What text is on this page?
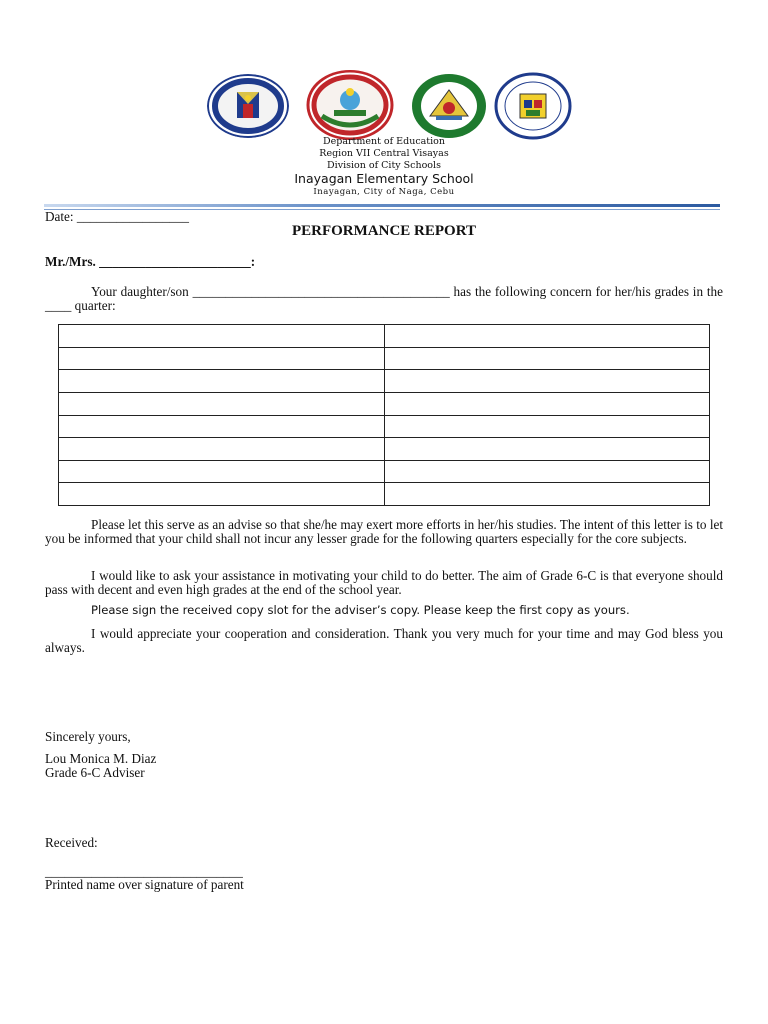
Department of Education
Region VII Central Visayas
Division of City Schools
Inayagan Elementary School
Inayagan, City of Naga, Cebu
Date: _________________
PERFORMANCE REPORT
Mr./Mrs. _______________________:
Your daughter/son _______________________________________ has the following concern for her/his grades in the ____ quarter:

Please let this serve as an advise so that she/he may exert more efforts in her/his studies. The intent of this letter is to let you be informed that your child shall not incur any lesser grade for the following quarters especially for the core subjects.
I would like to ask your assistance in motivating your child to do better. The aim of Grade 6-C is that everyone should pass with decent and even high grades at the end of the school year.
Please sign the received copy slot for the adviser’s copy. Please keep the first copy as yours.
I would appreciate your cooperation and consideration. Thank you very much for your time and may God bless you always.
Sincerely yours,
Lou Monica M. Diaz
Grade 6-C Adviser
Received:
______________________________
Printed name over signature of parent
